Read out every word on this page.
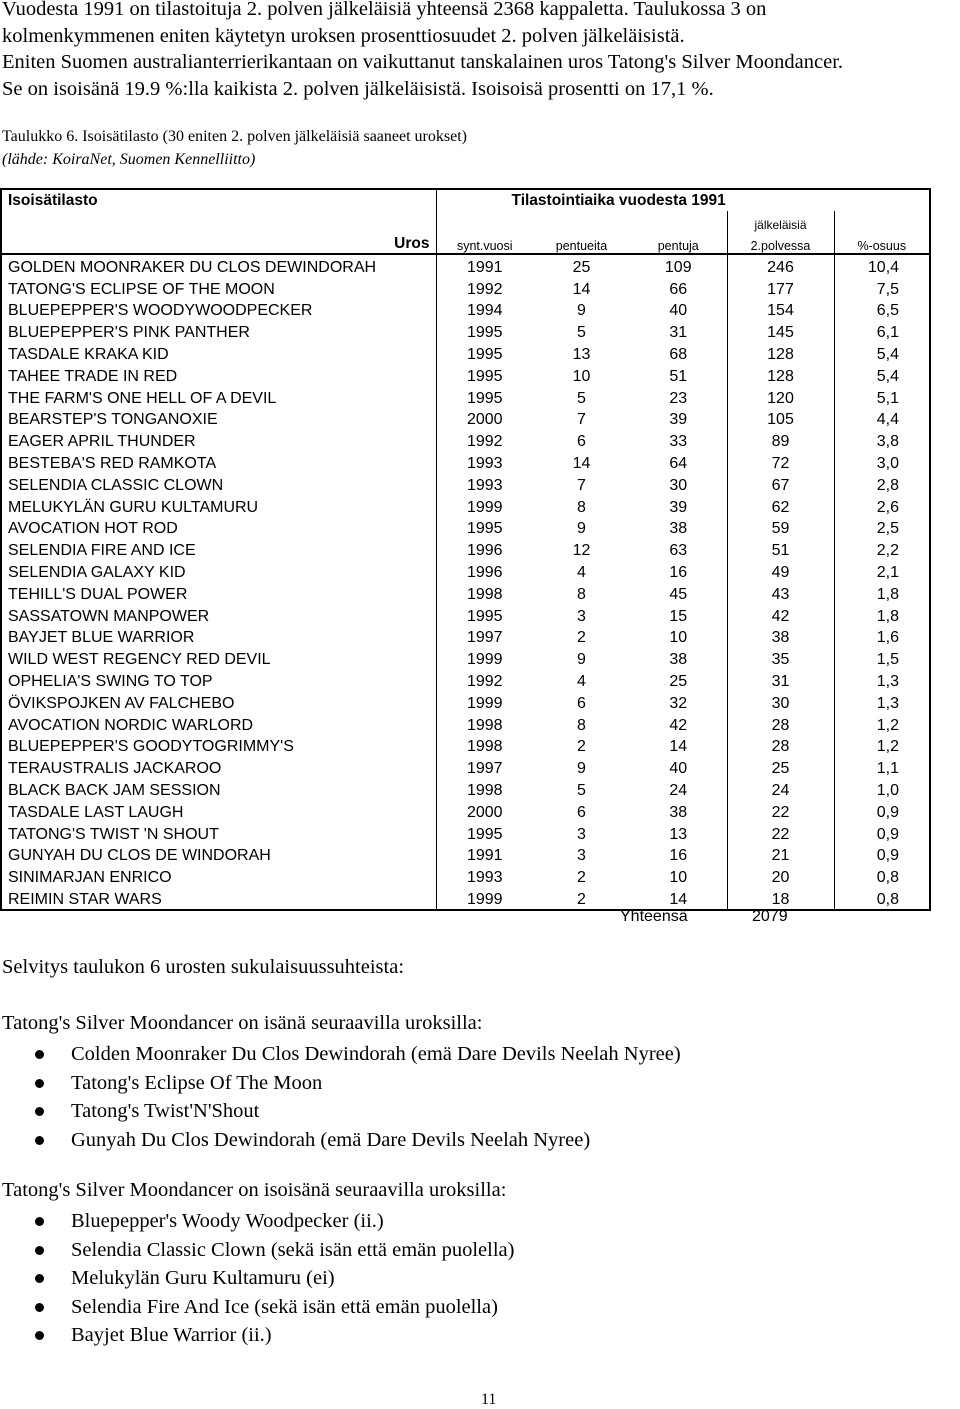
Vuodesta 1991 on tilastoituja 2. polven jälkeläisiä yhteensä 2368 kappaletta. Taulukossa 3 on
kolmenkymmenen eniten käytetyn uroksen prosenttiosuudet 2. polven jälkeläisistä.
Eniten Suomen australianterrierikantaan on vaikuttanut tanskalainen uros Tatong's Silver Moondancer.
Se on isoisänä 19.9 %:lla kaikista 2. polven jälkeläisistä. Isoisoisä prosentti on 17,1 %.

Taulukko 6. Isoisätilasto (30 eniten 2. polven jälkeläisiä saaneet urokset)

(lähde: KoiraNet, Suomen Kennelliitto)

Isoisätilasto	Tilastointiaika vuodesta 1991				
				jälkeläisiä	
Uros	synt.vuosi	pentueita	pentuja	2.polvessa	%-osuus
GOLDEN MOONRAKER DU CLOS DEWINDORAH	1991	25	109	246	10,4
TATONG'S ECLIPSE OF THE MOON	1992	14	66	177	7,5
BLUEPEPPER'S WOODYWOODPECKER	1994	9	40	154	6,5
BLUEPEPPER'S PINK PANTHER	1995	5	31	145	6,1
TASDALE KRAKA KID	1995	13	68	128	5,4
TAHEE TRADE IN RED	1995	10	51	128	5,4
THE FARM'S ONE HELL OF A DEVIL	1995	5	23	120	5,1
BEARSTEP'S TONGANOXIE	2000	7	39	105	4,4
EAGER APRIL THUNDER	1992	6	33	89	3,8
BESTEBA'S RED RAMKOTA	1993	14	64	72	3,0
SELENDIA CLASSIC CLOWN	1993	7	30	67	2,8
MELUKYLÄN GURU KULTAMURU	1999	8	39	62	2,6
AVOCATION HOT ROD	1995	9	38	59	2,5
SELENDIA FIRE AND ICE	1996	12	63	51	2,2
SELENDIA GALAXY KID	1996	4	16	49	2,1
TEHILL'S DUAL POWER	1998	8	45	43	1,8
SASSATOWN MANPOWER	1995	3	15	42	1,8
BAYJET BLUE WARRIOR	1997	2	10	38	1,6
WILD WEST REGENCY RED DEVIL	1999	9	38	35	1,5
OPHELIA'S SWING TO TOP	1992	4	25	31	1,3
ÖVIKSPOJKEN AV FALCHEBO	1999	6	32	30	1,3
AVOCATION NORDIC WARLORD	1998	8	42	28	1,2
BLUEPEPPER'S GOODYTOGRIMMY'S	1998	2	14	28	1,2
TERAUSTRALIS JACKAROO	1997	9	40	25	1,1
BLACK BACK JAM SESSION	1998	5	24	24	1,0
TASDALE LAST LAUGH	2000	6	38	22	0,9
TATONG'S TWIST 'N SHOUT	1995	3	13	22	0,9
GUNYAH DU CLOS DE WINDORAH	1991	3	16	21	0,9
SINIMARJAN ENRICO	1993	2	10	20	0,8
REIMIN STAR WARS	1999	2	14	18	0,8
Yhteensä	2079

Selvitys taulukon 6 urosten sukulaisuussuhteista:

Tatong's Silver Moondancer on isänä seuraavilla uroksilla:

Colden Moonraker Du Clos Dewindorah (emä Dare Devils Neelah Nyree)
Tatong's Eclipse Of The Moon
Tatong's Twist'N'Shout
Gunyah Du Clos Dewindorah (emä Dare Devils Neelah Nyree)

Tatong's Silver Moondancer on isoisänä seuraavilla uroksilla:

Bluepepper's Woody Woodpecker (ii.)
Selendia Classic Clown (sekä isän että emän puolella)
Melukylän Guru Kultamuru (ei)
Selendia Fire And Ice (sekä isän että emän puolella)
Bayjet Blue Warrior (ii.)
11
